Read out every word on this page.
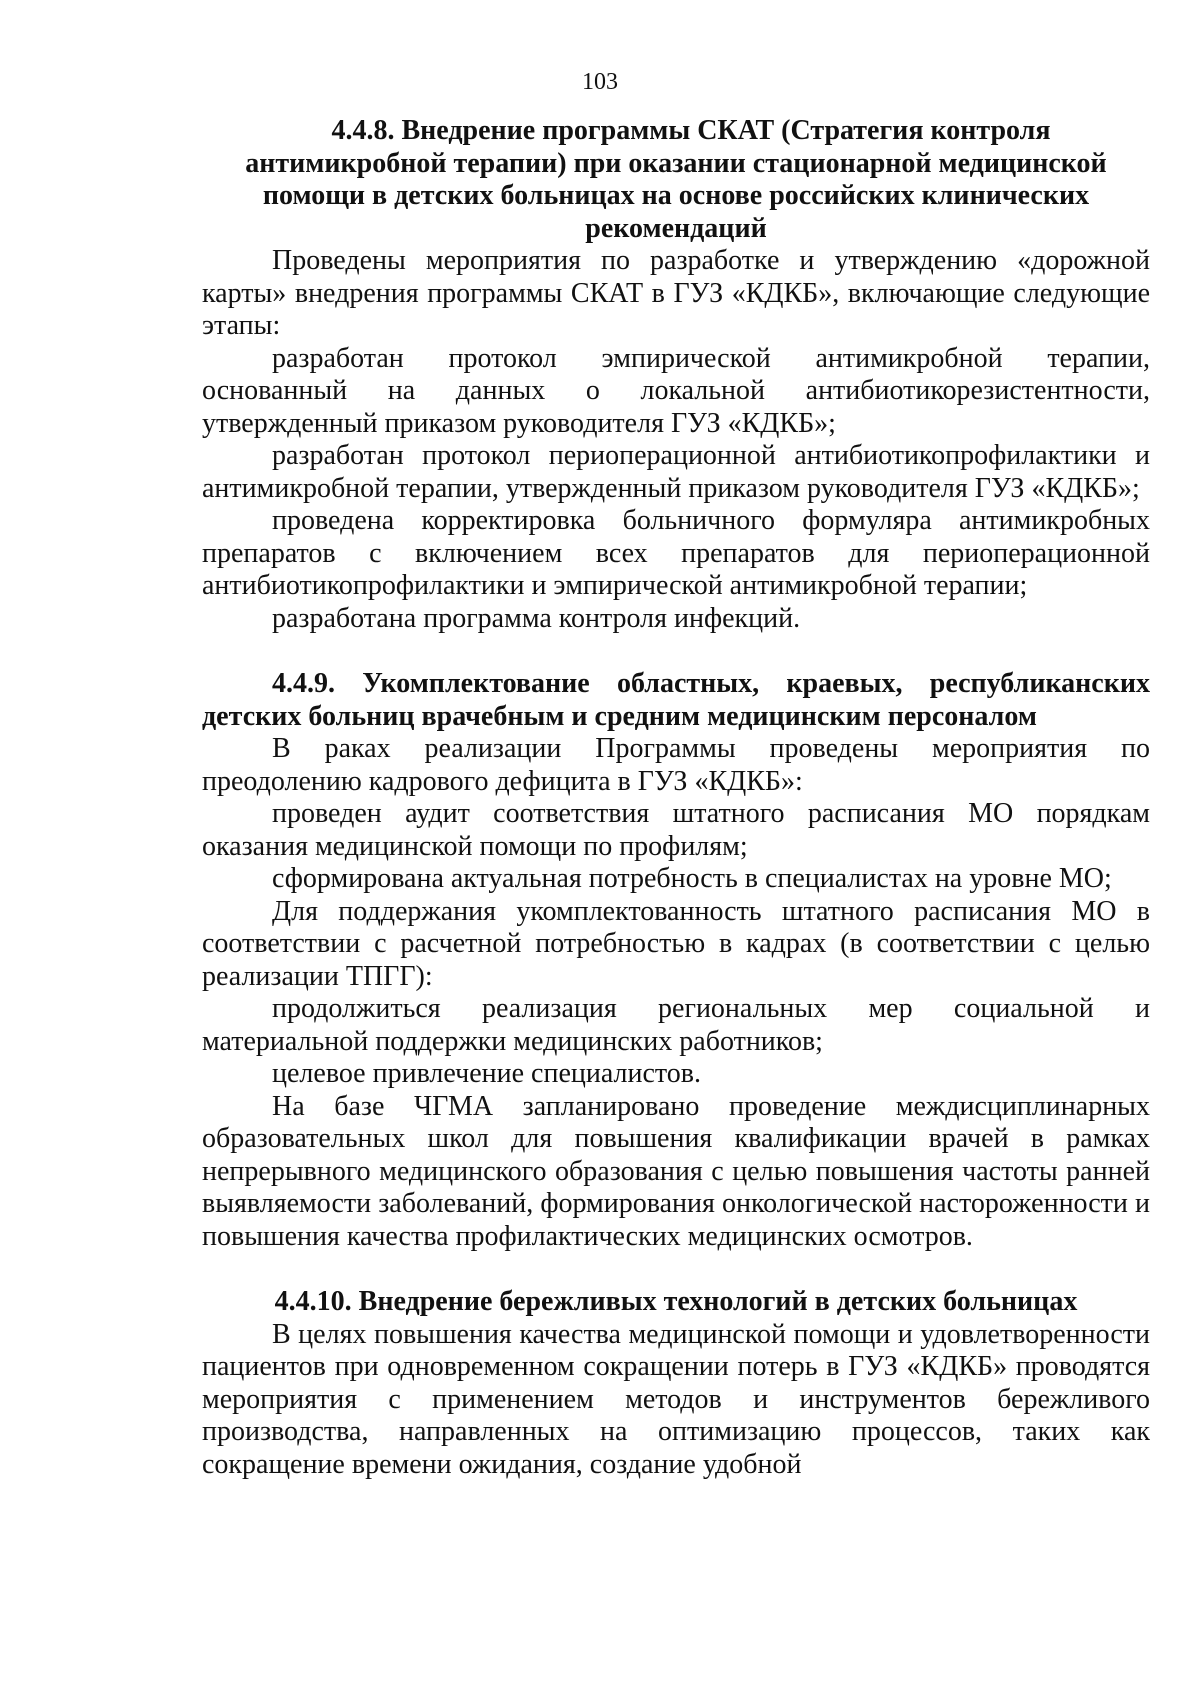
103

4.4.8. Внедрение программы СКАТ (Стратегия контроля антимикробной терапии) при оказании стационарной медицинской помощи в детских больницах на основе российских клинических рекомендаций

Проведены мероприятия по разработке и утверждению «дорожной карты» внедрения программы СКАТ в ГУЗ «КДКБ», включающие следующие этапы:

разработан протокол эмпирической антимикробной терапии, основанный на данных о локальной антибиотикорезистентности, утвержденный приказом руководителя ГУЗ «КДКБ»;

разработан протокол периоперационной антибиотикопрофилактики и антимикробной терапии, утвержденный приказом руководителя ГУЗ «КДКБ»;

проведена корректировка больничного формуляра антимикробных препаратов с включением всех препаратов для периоперационной антибиотикопрофилактики и эмпирической антимикробной терапии;

разработана программа контроля инфекций.

4.4.9. Укомплектование областных, краевых, республиканских детских больниц врачебным и средним медицинским персоналом

В раках реализации Программы проведены мероприятия по преодолению кадрового дефицита в ГУЗ «КДКБ»:

проведен аудит соответствия штатного расписания МО порядкам оказания медицинской помощи по профилям;

сформирована актуальная потребность в специалистах на уровне МО;

Для поддержания укомплектованность штатного расписания МО в соответствии с расчетной потребностью в кадрах (в соответствии с целью реализации ТПГГ):

продолжиться реализация региональных мер социальной и материальной поддержки медицинских работников;

целевое привлечение специалистов.

На базе ЧГМА запланировано проведение междисциплинарных образовательных школ для повышения квалификации врачей в рамках непрерывного медицинского образования с целью повышения частоты ранней выявляемости заболеваний, формирования онкологической настороженности и повышения качества профилактических медицинских осмотров.

4.4.10. Внедрение бережливых технологий в детских больницах

В целях повышения качества медицинской помощи и удовлетворенности пациентов при одновременном сокращении потерь в ГУЗ «КДКБ» проводятся мероприятия с применением методов и инструментов бережливого производства, направленных на оптимизацию процессов, таких как сокращение времени ожидания, создание удобной
